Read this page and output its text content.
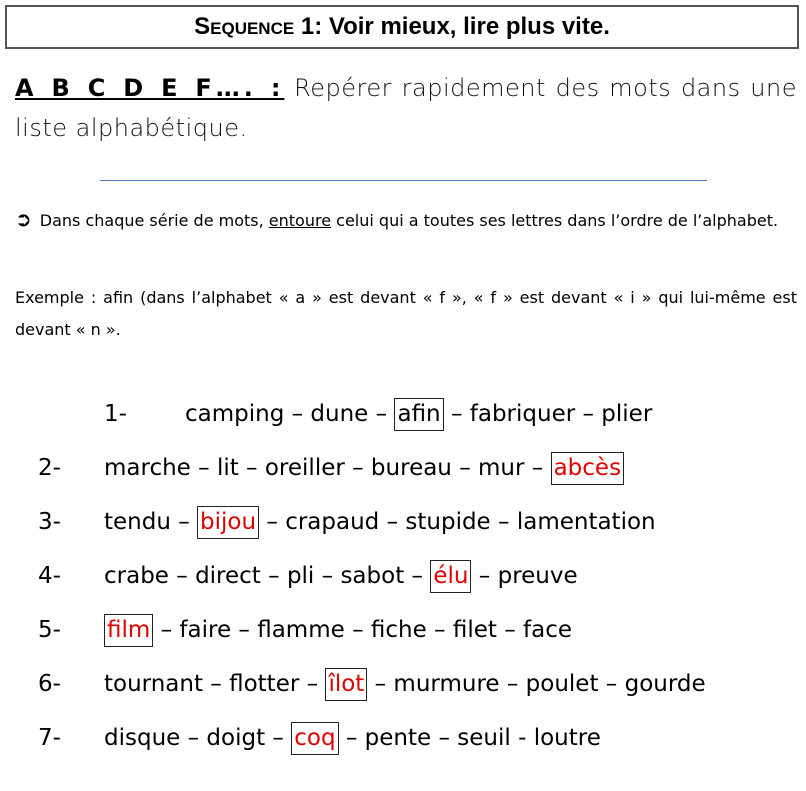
Sequence 1 : Voir mieux, lire plus vite.
A B C D E F…. : Repérer rapidement des mots dans une liste alphabétique.
➲ Dans chaque série de mots, entoure celui qui a toutes ses lettres dans l’ordre de l’alphabet.
Exemple : afin (dans l’alphabet « a » est devant « f », « f » est devant « i » qui lui-même est devant « n ».
1-	camping – dune – afin – fabriquer – plier
2- marche – lit – oreiller – bureau – mur – abcès
3- tendu – bijou – crapaud – stupide – lamentation
4- crabe – direct – pli – sabot – élu – preuve
5- film – faire – flamme – fiche – filet – face
6- tournant – flotter – îlot – murmure – poulet – gourde
7- disque – doigt – coq – pente – seuil - loutre
